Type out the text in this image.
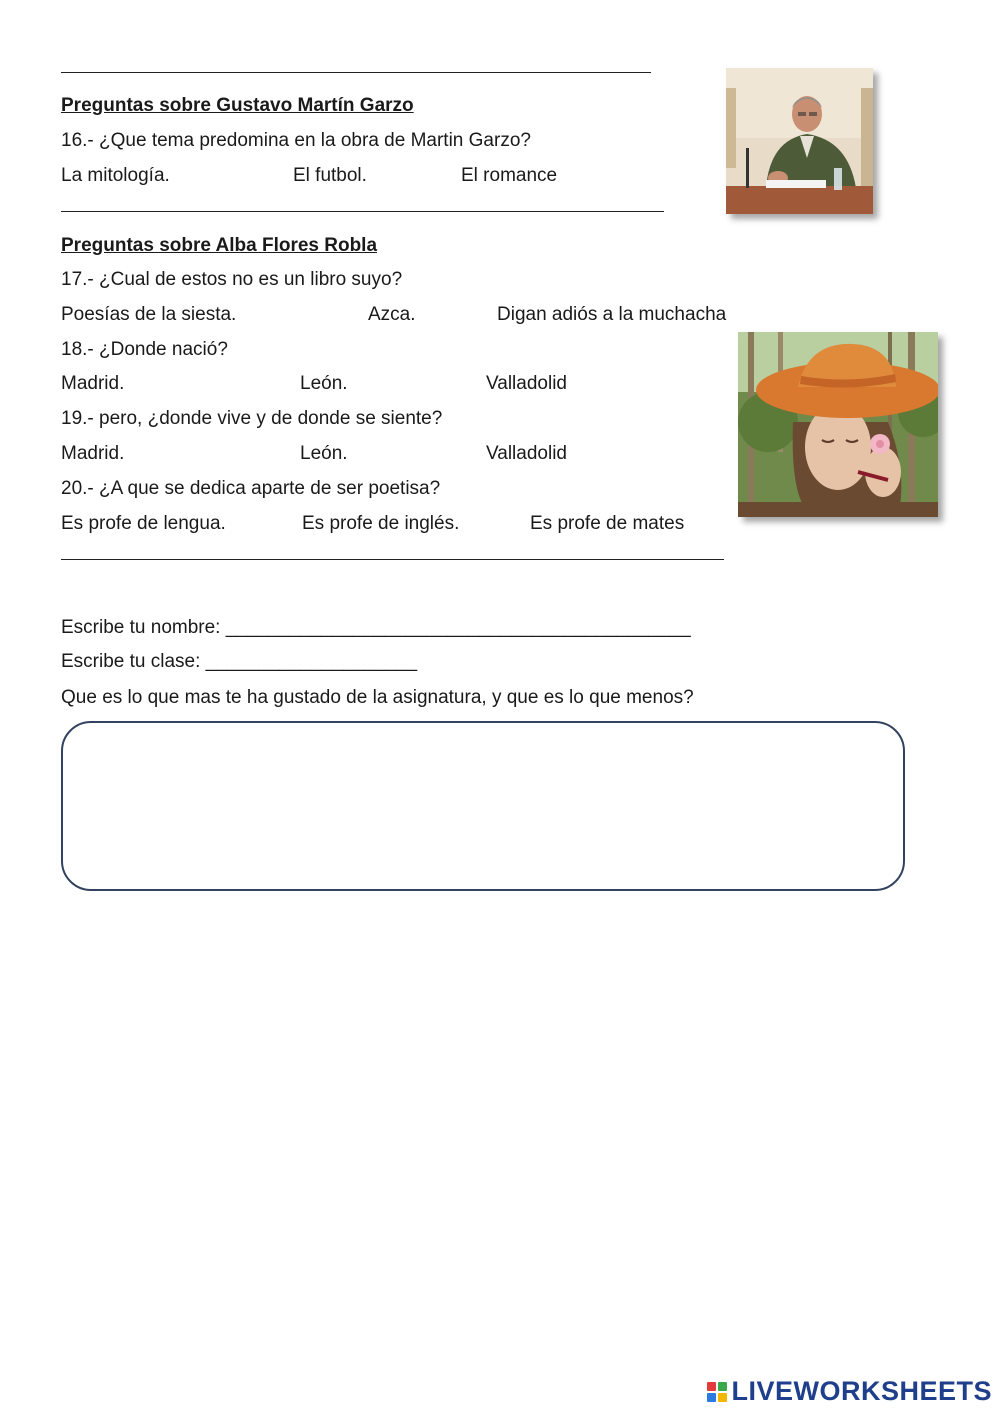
Preguntas sobre Gustavo Martín Garzo
16.- ¿Que tema predomina en la obra de Martin Garzo?
La mitología.	El futbol.	El romance
Preguntas sobre Alba Flores Robla
17.- ¿Cual de estos no es un libro suyo?
Poesías de la siesta.	Azca.	Digan adiós a la muchacha
18.- ¿Donde nació?
Madrid.	León.	Valladolid
19.- pero, ¿donde vive y de donde se siente?
Madrid.	León.	Valladolid
20.- ¿A que se dedica aparte de ser poetisa?
Es profe de lengua.	Es profe de inglés.	Es profe de mates
Escribe tu nombre: ____________________________________________
Escribe tu clase: ____________________
Que es lo que mas te ha gustado de la asignatura, y que es lo que menos?
LIVEWORKSHEETS
